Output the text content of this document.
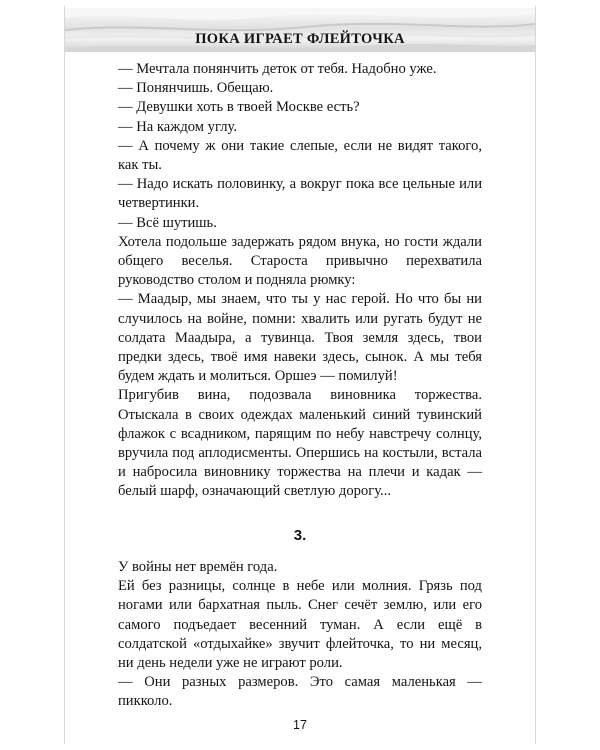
ПОКА ИГРАЕТ ФЛЕЙТОЧКА

— Мечтала понянчить деток от тебя. Надобно уже.

— Понянчишь. Обещаю.

— Девушки хоть в твоей Москве есть?

— На каждом углу.

— А почему ж они такие слепые, если не видят такого, как ты.

— Надо искать половинку, а вокруг пока все цельные или четвертинки.

— Всё шутишь.

Хотела подольше задержать рядом внука, но гости ждали общего веселья. Староста привычно перехватила руководство столом и подняла рюмку:

— Маадыр, мы знаем, что ты у нас герой. Но что бы ни случилось на войне, помни: хвалить или ругать будут не солдата Маадыра, а тувинца. Твоя земля здесь, твои предки здесь, твоё имя навеки здесь, сынок. А мы тебя будем ждать и молиться. Оршеэ — помилуй!

Пригубив вина, подозвала виновника торжества. Отыскала в своих одеждах маленький синий тувинский флажок с всадником, парящим по небу навстречу солнцу, вручила под аплодисменты. Опершись на костыли, встала и набросила виновнику торжества на плечи и кадак — белый шарф, означающий светлую дорогу...

3.

У войны нет времён года.

Ей без разницы, солнце в небе или молния. Грязь под ногами или бархатная пыль. Снег сечёт землю, или его самого подъедает весенний туман. А если ещё в солдатской «отдыхайке» звучит флейточка, то ни месяц, ни день недели уже не играют роли.

— Они разных размеров. Это самая маленькая — пикколо.

17
